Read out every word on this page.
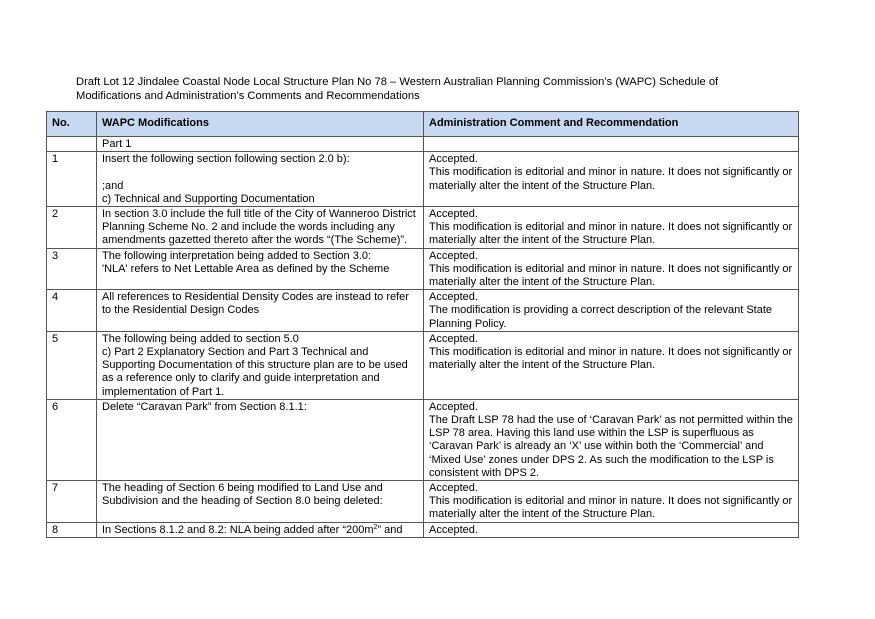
Draft Lot 12 Jindalee Coastal Node Local Structure Plan No 78 – Western Australian Planning Commission’s (WAPC) Schedule of
Modifications and Administration’s Comments and Recommendations
No.	WAPC Modifications	Administration Comment and Recommendation
	Part 1	
1	Insert the following section following section 2.0 b):
;and
c) Technical and Supporting Documentation	Accepted.
This modification is editorial and minor in nature. It does not significantly or materially alter the intent of the Structure Plan.

2	In section 3.0 include the full title of the City of Wanneroo District Planning Scheme No. 2 and include the words including any amendments gazetted thereto after the words “(The Scheme)”.	Accepted.
This modification is editorial and minor in nature. It does not significantly or materially alter the intent of the Structure Plan.

3	The following interpretation being added to Section 3.0:
'NLA' refers to Net Lettable Area as defined by the Scheme	Accepted.
This modification is editorial and minor in nature. It does not significantly or materially alter the intent of the Structure Plan.

4	All references to Residential Density Codes are instead to refer to the Residential Design Codes	Accepted.
The modification is providing a correct description of the relevant State Planning Policy.

5	The following being added to section 5.0
c) Part 2 Explanatory Section and Part 3 Technical and Supporting Documentation of this structure plan are to be used as a reference only to clarify and guide interpretation and implementation of Part 1.	Accepted.
This modification is editorial and minor in nature. It does not significantly or materially alter the intent of the Structure Plan.

6	Delete “Caravan Park” from Section 8.1.1:	Accepted.
The Draft LSP 78 had the use of ‘Caravan Park’ as not permitted within the LSP 78 area. Having this land use within the LSP is superfluous as ‘Caravan Park’ is already an ‘X’ use within both the ‘Commercial’ and ‘Mixed Use’ zones under DPS 2. As such the modification to the LSP is consistent with DPS 2.

7	The heading of Section 6 being modified to Land Use and Subdivision and the heading of Section 8.0 being deleted:	Accepted.
This modification is editorial and minor in nature. It does not significantly or materially alter the intent of the Structure Plan.

8	In Sections 8.1.2 and 8.2: NLA being added after “$200m^2$” and	Accepted.
